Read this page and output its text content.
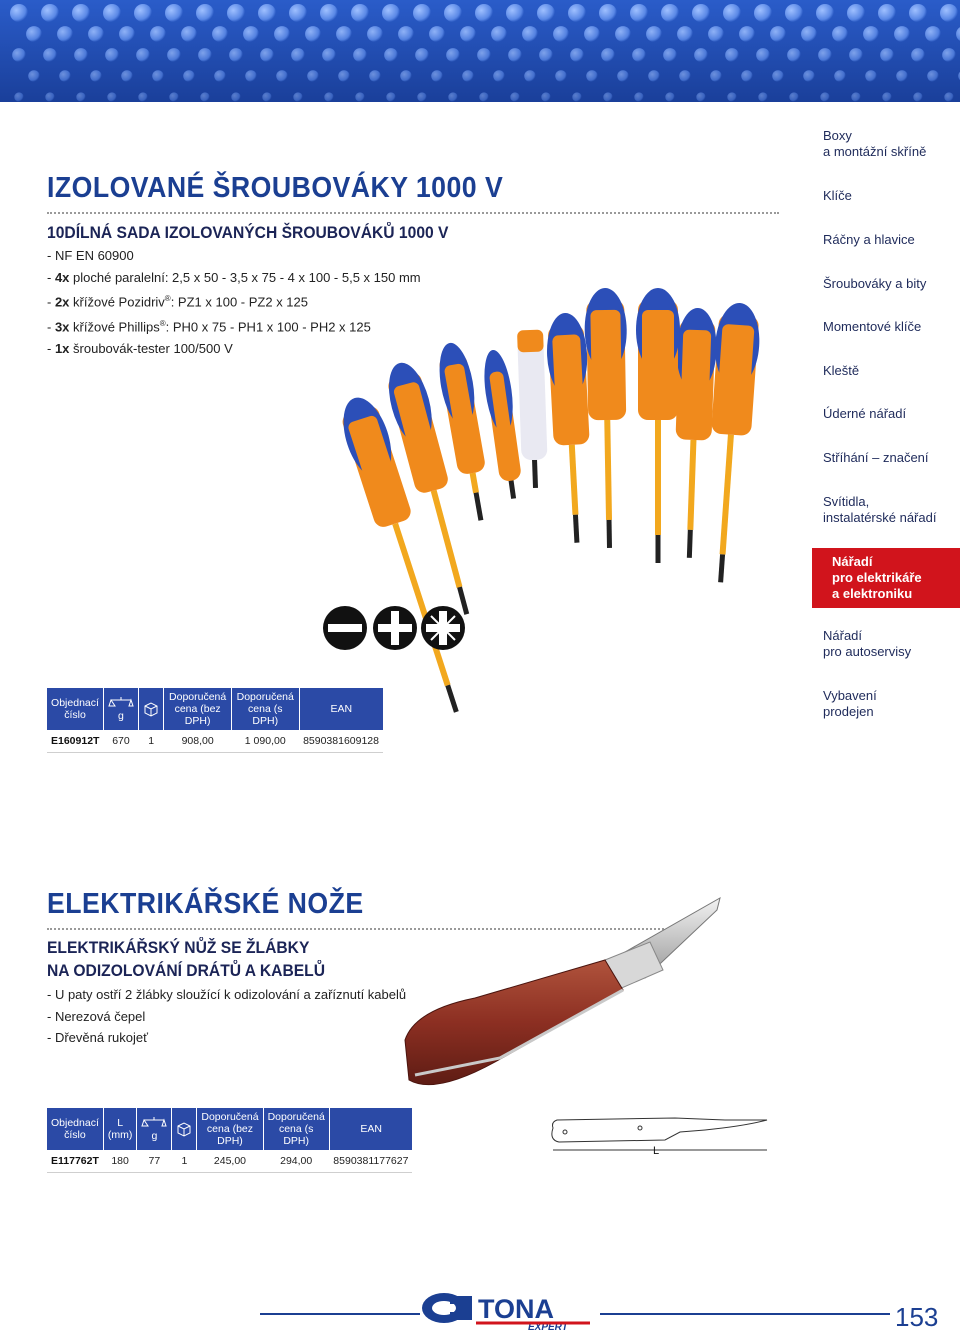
IZOLOVANÉ ŠROUBOVÁKY 1000 V
10DÍLNÁ SADA IZOLOVANÝCH ŠROUBOVÁKŮ 1000 V
- NF EN 60900
- 4x ploché paralelní: 2,5 x 50 - 3,5 x 75 - 4 x 100 - 5,5 x 150 mm
- 2x křížové Pozidriv®: PZ1 x 100 - PZ2 x 125
- 3x křížové Phillips®: PH0 x 75 - PH1 x 100 - PH2 x 125
- 1x šroubovák-tester 100/500 V
Objednací číslo	g		Doporučená cena (bez DPH)	Doporučená cena (s DPH)	EAN
E160912T	670	1	908,00	1 090,00	8590381609128
ELEKTRIKÁŘSKÉ NOŽE
ELEKTRIKÁŘSKÝ NŮŽ SE ŽLÁBKY
NA ODIZOLOVÁNÍ DRÁTŮ A KABELŮ
- U paty ostří 2 žlábky sloužící k odizolování a zaříznutí kabelů
- Nerezová čepel
- Dřevěná rukojeť
Objednací číslo	L (mm)	g		Doporučená cena (bez DPH)	Doporučená cena (s DPH)	EAN
E117762T	180	77	1	245,00	294,00	8590381177627
L
Boxy
a montážní skříně
Klíče
Ráčny a hlavice
Šroubováky a bity
Momentové klíče
Kleště
Úderné nářadí
Stříhání – značení
Svítidla,
instalatérské nářadí
Nářadí
pro elektrikáře
a elektroniku
Nářadí
pro autoservisy
Vybavení
prodejen
TONA
EXPERT	153
